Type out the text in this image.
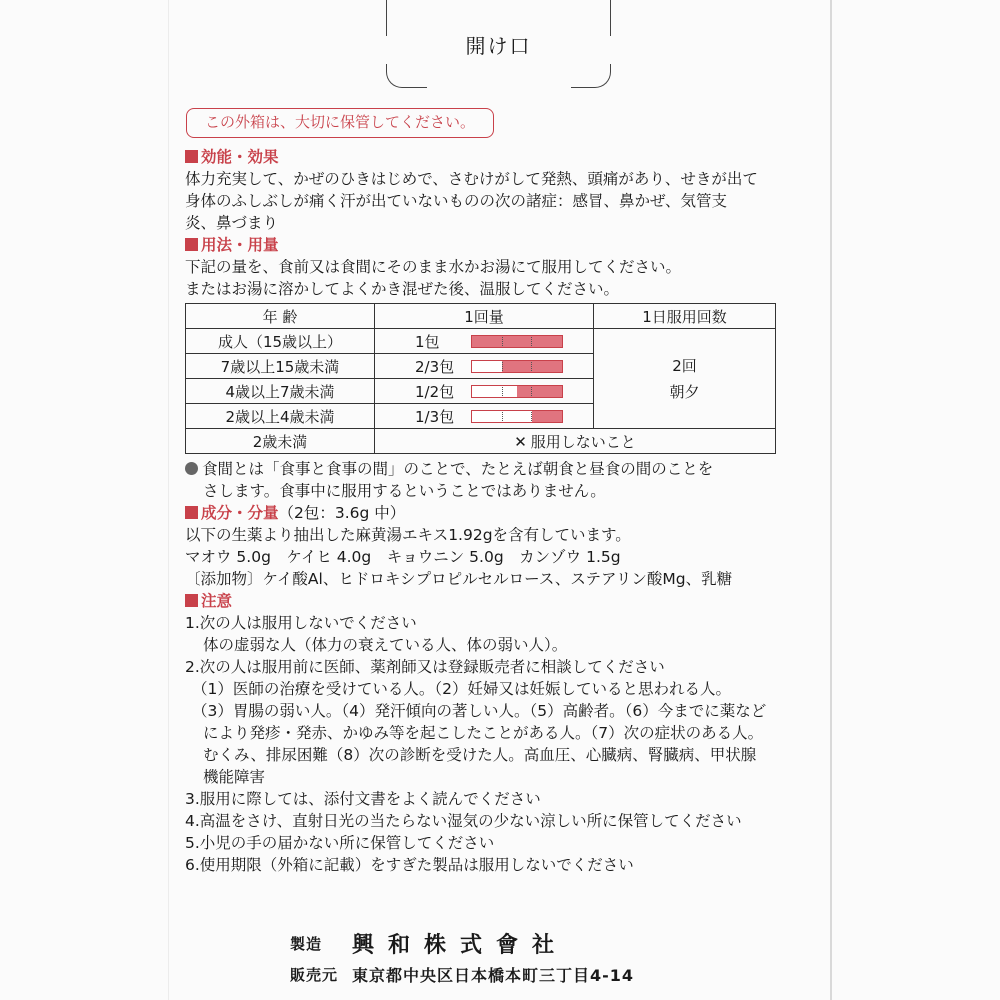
開け口
この外箱は、大切に保管してください。
効能・効果
体力充実して、かぜのひきはじめで、さむけがして発熱、頭痛があり、せきが出て
身体のふしぶしが痛く汗が出ていないものの次の諸症：感冒、鼻かぜ、気管支
炎、鼻づまり
用法・用量
下記の量を、食前又は食間にそのまま水かお湯にて服用してください。
またはお湯に溶かしてよくかき混ぜた後、温服してください。
年 齢	1回量	1日服用回数
成人（15歳以上）	1包	2回
朝夕

7歳以上15歳未満	2/3包	

4歳以上7歳未満	1/2包	

2歳以上4歳未満	1/3包	

2歳未満	✕ 服用しないこと	
食間とは「食事と食事の間」のことで、たとえば朝食と昼食の間のことを
さします。食事中に服用するということではありません。
成分・分量（2包：3.6g 中）
以下の生薬より抽出した麻黄湯エキス1.92gを含有しています。
マオウ 5.0g　ケイヒ 4.0g　キョウニン 5.0g　カンゾウ 1.5g
〔添加物〕ケイ酸Al、ヒドロキシプロピルセルロース、ステアリン酸Mg、乳糖
注意
1.次の人は服用しないでください
体の虚弱な人（体力の衰えている人、体の弱い人）。
2.次の人は服用前に医師、薬剤師又は登録販売者に相談してください
（1）医師の治療を受けている人。（2）妊婦又は妊娠していると思われる人。
（3）胃腸の弱い人。（4）発汗傾向の著しい人。（5）高齢者。（6）今までに薬など
により発疹・発赤、かゆみ等を起こしたことがある人。（7）次の症状のある人。
むくみ、排尿困難（8）次の診断を受けた人。高血圧、心臓病、腎臓病、甲状腺
機能障害
3.服用に際しては、添付文書をよく読んでください
4.高温をさけ、直射日光の当たらない湿気の少ない涼しい所に保管してください
5.小児の手の届かない所に保管してください
6.使用期限（外箱に記載）をすぎた製品は服用しないでください
製造	興和株式會社
販売元 東京都中央区日本橋本町三丁目4-14
